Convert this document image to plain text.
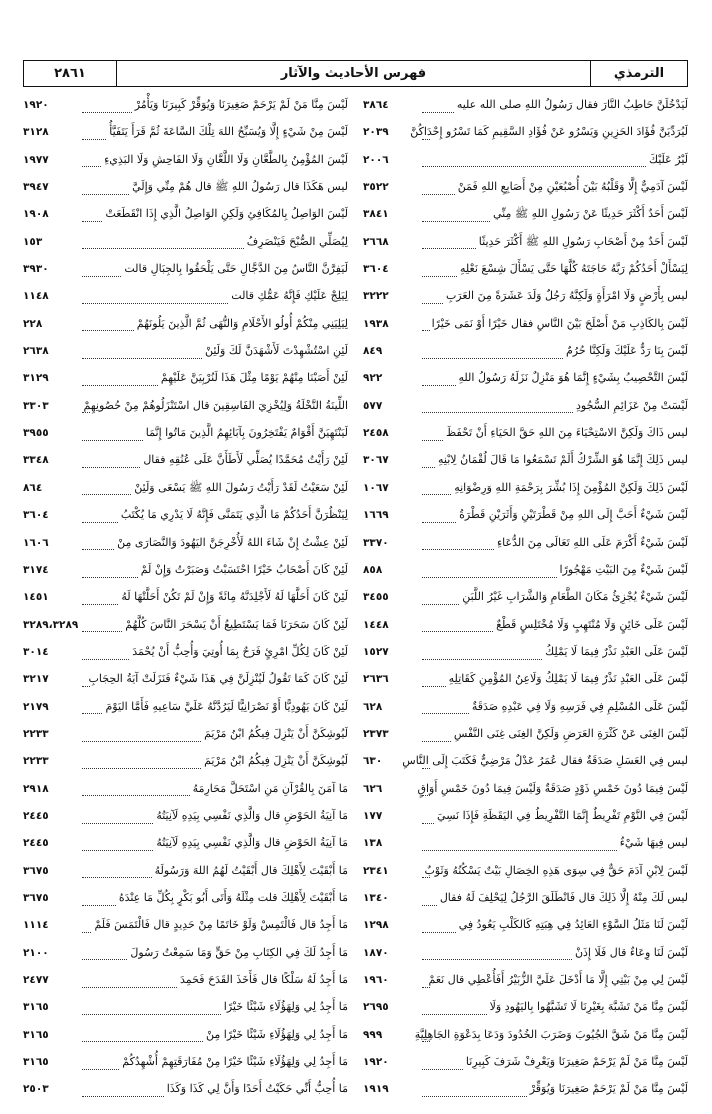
الترمذي
فهرس الأحاديث والآثار
٢٨٦١
لَيَدْخُلَنَّ حَاطِبُ النَّارَ فقال رَسُولُ اللهِ صلى الله عليه
٣٨٦٤
لَيُرَدِّيَنَّ فُؤَادَ الحَزِينِ وَيَسْرُو عَنْ فُؤَادِ السَّقِيمِ كَمَا تَسْرُو إِحْدَاكُنَّ
٢٠٣٩
لَيْرُ عَلَيْكَ
٢٠٠٦
لَيْسَ آدَمِيٌّ إِلَّا وَقَلْبُهُ بَيْنَ أُصْبُعَيْنِ مِنْ أَصَابِعِ اللهِ فَمَنْ
٣٥٢٢
لَيْسَ أَحَدٌ أَكْثَرَ حَدِيثًا عَنْ رَسُولِ اللهِ ﷺ مِنِّي
٣٨٤١
لَيْسَ أَحَدٌ مِنْ أَصْحَابِ رَسُولِ اللهِ ﷺ أَكْثَرَ حَدِيثًا
٢٦٦٨
لِيَسْأَلْ أَحَدُكُمْ رَبَّهُ حَاجَتَهُ كُلَّهَا حَتَّى يَسْأَلَ شِسْعَ نَعْلِهِ
٣٦٠٤
ليس بِأَرْضٍ وَلَا امْرَأَةٍ وَلَكِنَّهُ رَجُلٌ وَلَدَ عَشَرَةً مِنَ العَرَبِ
٣٢٢٢
لَيْسَ بِالكَاذِبِ مَنْ أَصْلَحَ بَيْنَ النَّاسِ فقال خَيْرًا أَوْ نَمَى خَيْرًا
١٩٣٨
لَيْسَ بِنَا رَدٌّ عَلَيْكَ وَلَكِنَّا حُرُمٌ
٨٤٩
لَيْسَ التَّحْصِيبُ بِشَيْءٍ إِنَّمَا هُوَ مَنْزِلٌ نَزَلَهُ رَسُولُ اللهِ
٩٢٢
لَيْسَتْ مِنْ عَزَائِمِ السُّجُودِ
٥٧٧
ليس ذَاكَ وَلَكِنَّ الاسْتِحْيَاءَ مِنَ اللهِ حَقَّ الحَيَاءِ أَنْ تَحْفَظَ
٢٤٥٨
ليس ذَلِكَ إِنَّمَا هُوَ الشِّرْكُ أَلَمْ تَسْمَعُوا مَا قَالَ لُقْمَانُ لِابْنِهِ
٣٠٦٧
لَيْسَ ذَلِكَ وَلَكِنَّ المُؤْمِنَ إِذَا بُشِّرَ بِرَحْمَةِ اللهِ وَرِضْوَانِهِ
١٠٦٧
لَيْسَ شَيْءٌ أَحَبَّ إِلَى اللهِ مِنْ قَطْرَتَيْنِ وَأَثَرَيْنِ قَطْرَةُ
١٦٦٩
لَيْسَ شَيْءٌ أَكْرَمَ عَلَى اللهِ تَعَالَى مِنَ الدُّعَاءِ
٣٣٧٠
لَيْسَ شَيْءٌ مِنَ البَيْتِ مَهْجُورًا
٨٥٨
لَيْسَ شَيْءٌ يُجْزِئُ مَكَانَ الطَّعَامِ وَالشَّرَابِ غَيْرُ اللَّبَنِ
٣٤٥٥
لَيْسَ عَلَى خَائِنٍ وَلَا مُنْتَهِبٍ وَلَا مُخْتَلِسٍ قَطْعٌ
١٤٤٨
لَيْسَ عَلَى العَبْدِ نَذْرٌ فِيمَا لَا يَمْلِكُ
١٥٢٧
لَيْسَ عَلَى العَبْدِ نَذْرٌ فِيمَا لَا يَمْلِكُ وَلَاعِنُ المُؤْمِنِ كَقَاتِلِهِ
٢٦٣٦
لَيْسَ عَلَى المُسْلِمِ فِي فَرَسِهِ وَلَا فِي عَبْدِهِ صَدَقَةٌ
٦٢٨
لَيْسَ الغِنَى عَنْ كَثْرَةِ العَرَضِ وَلَكِنَّ الغِنَى غِنَى النَّفْسِ
٢٣٧٣
ليس فِي العَسَلِ صَدَقَةٌ فقال عُمَرُ عَدْلٌ مَرْضِيٌّ فَكَتَبَ إِلَى النَّاسِ
٦٣٠
لَيْسَ فِيمَا دُونَ خَمْسِ ذَوْدٍ صَدَقَةٌ وَلَيْسَ فِيمَا دُونَ خَمْسِ أَوَاقٍ
٦٢٦
لَيْسَ فِي النَّوْمِ تَفْرِيطٌ إِنَّمَا التَّفْرِيطُ فِي اليَقَظَةِ فَإِذَا نَسِيَ
١٧٧
ليس فِيهَا شَيْءٌ
١٣٨
لَيْسَ لِابْنِ آدَمَ حَقٌّ فِي سِوَى هَذِهِ الخِصَالِ بَيْتٌ يَسْكُنُهُ وَثَوْبٌ
٢٣٤١
ليس لَكَ مِنْهُ إِلَّا ذَلِكَ قال فَانْطَلَقَ الرَّجُلُ لِيَحْلِفَ لَهُ فقال
١٣٤٠
لَيْسَ لَنَا مَثَلُ السَّوْءِ العَائِدُ فِي هِبَتِهِ كَالكَلْبِ يَعُودُ فِي
١٢٩٨
لَيْسَ لَنَا وِعَاءٌ قال فَلَا إِذَنْ
١٨٧٠
لَيْسَ لِي مِنْ بَيْتِي إِلَّا مَا أَدْخَلَ عَلَيَّ الزُّبَيْرُ أَفَأُعْطِي قال نَعَمْ
١٩٦٠
لَيْسَ مِنَّا مَنْ تَشَبَّهَ بِغَيْرِنَا لَا تَشَبَّهُوا بِاليَهُودِ وَلَا
٢٦٩٥
لَيْسَ مِنَّا مَنْ شَقَّ الجُيُوبَ وَضَرَبَ الخُدُودَ وَدَعَا بِدَعْوَةِ الجَاهِلِيَّةِ
٩٩٩
لَيْسَ مِنَّا مَنْ لَمْ يَرْحَمْ صَغِيرَنَا وَيَعْرِفْ شَرَفَ كَبِيرِنَا
١٩٢٠
لَيْسَ مِنَّا مَنْ لَمْ يَرْحَمْ صَغِيرَنَا وَيُوَقِّرْ
١٩١٩
لَيْسَ مِنَّا مَنْ لَمْ يَرْحَمْ صَغِيرَنَا وَيُوَقِّرْ كَبِيرَنَا وَيَأْمُرْ
١٩٢٠
لَيْسَ مِنْ شَيْءٍ إِلَّا وَيُسَبِّحُ اللهَ تِلْكَ السَّاعَةَ ثُمَّ قَرَأَ يَتَفَيَّأُ
٣١٢٨
لَيْسَ المُؤْمِنُ بِالطَّعَّانِ وَلَا اللَّعَّانِ وَلَا الفَاحِشِ وَلَا البَذِيءِ
١٩٧٧
ليس هَكَذَا قال رَسُولُ اللهِ ﷺ قال هُمْ مِنِّي وَإِلَيَّ
٣٩٤٧
لَيْسَ الوَاصِلُ بِالمُكَافِئِ وَلَكِنِ الوَاصِلُ الَّذِي إِذَا انْقَطَعَتْ
١٩٠٨
لِيُصَلِّي الصُّبْحَ فَيَنْصَرِفُ
١٥٣
لَيَفِرَّنَّ النَّاسُ مِنَ الدَّجَّالِ حَتَّى يَلْحَقُوا بِالجِبَالِ قالت
٣٩٣٠
لِيَلِجْ عَلَيْكِ فَإِنَّهُ عَمُّكِ قالت
١١٤٨
لِيَلِيَنِي مِنْكُمْ أُولُو الأَحْلَامِ وَالنُّهَى ثُمَّ الَّذِينَ يَلُونَهُمْ
٢٢٨
لَئِنِ اسْتُشْهِدْتَ لَأَشْهَدَنَّ لَكَ وَلَئِنْ
٢٦٣٨
لَئِنْ أَصَبْنَا مِنْهُمْ يَوْمًا مِثْلَ هَذَا لَنُرْبِيَنَّ عَلَيْهِمْ
٣١٢٩
اللِّينَةُ النَّخْلَةُ وَلِيُخْزِيَ الفَاسِقِينَ قال اسْتَنْزَلُوهُمْ مِنْ حُصُونِهِمْ
٣٣٠٣
لَيَنْتَهِيَنَّ أَقْوَامٌ يَفْتَخِرُونَ بِآبَائِهِمُ الَّذِينَ مَاتُوا إِنَّمَا
٣٩٥٥
لَئِنْ رَأَيْتُ مُحَمَّدًا يُصَلِّي لَأَطَأَنَّ عَلَى عُنُقِهِ فقال
٣٣٤٨
لَئِنْ سَعَيْتُ لَقَدْ رَأَيْتُ رَسُولَ اللهِ ﷺ يَسْعَى وَلَئِنْ
٨٦٤
لِيَنْظُرَنَّ أَحَدُكُمْ مَا الَّذِي يَتَمَنَّى فَإِنَّهُ لَا يَدْرِي مَا يُكْتَبُ
٣٦٠٤
لَئِنْ عِشْتُ إِنْ شَاءَ اللهُ لَأُخْرِجَنَّ اليَهُودَ وَالنَّصَارَى مِنْ
١٦٠٦
لَئِنْ كَانَ أَصْحَابُ خَيْرًا احْتَسَبْتُ وَصَبَرْتُ وَإِنْ لَمْ
٣١٧٤
لَئِنْ كَانَ أَحَلَّهَا لَهُ لَأَجْلِدَنَّهُ مِائَةً وَإِنْ لَمْ تَكُنْ أَحَلَّتْهَا لَهُ
١٤٥١
لَئِنْ كَانَ سَحَرَنَا فَمَا يَسْتَطِيعُ أَنْ يَسْحَرَ النَّاسَ كُلَّهُمْ
٣٢٨٩،٣٢٨٩
لَئِنْ كَانَ لِكُلِّ امْرِئٍ فَرَحٌ بِمَا أُوتِيَ وَأُحِبُّ أَنْ يُحْمَدَ
٣٠١٤
لَئِنْ كَانَ كَمَا تَقُولُ لَيُنْزِلَنَّ فِي هَذَا شَيْءٌ فَنَزَلَتْ آيَةُ الحِجَابِ
٣٢١٧
لَئِنْ كَانَ يَهُودِيًّا أَوْ نَصْرَانِيًّا لَيَرُدَّنَّهُ عَلَيَّ سَاعِيهِ فَأَمَّا اليَوْمَ
٢١٧٩
لَيُوشِكَنَّ أَنْ يَنْزِلَ فِيكُمُ ابْنُ مَرْيَمَ
٢٢٣٣
لَيُوشِكَنَّ أَنْ يَنْزِلَ فِيكُمُ ابْنُ مَرْيَمَ
٢٢٣٣
مَا آمَنَ بِالقُرْآنِ مَنِ اسْتَحَلَّ مَحَارِمَهُ
٢٩١٨
مَا آنِيَةُ الحَوْضِ قال وَالَّذِي نَفْسِي بِيَدِهِ لَآنِيَتُهُ
٢٤٤٥
مَا آنِيَةُ الحَوْضِ قال وَالَّذِي نَفْسِي بِيَدِهِ لَآنِيَتُهُ
٢٤٤٥
مَا أَبْقَيْتَ لِأَهْلِكَ قال أَبْقَيْتُ لَهُمُ اللهَ وَرَسُولَهُ
٣٦٧٥
مَا أَبْقَيْتَ لِأَهْلِكَ قلت مِثْلَهُ وَأَتَى أَبُو بَكْرٍ بِكُلِّ مَا عِنْدَهُ
٣٦٧٥
مَا أَجِدُ قال فَالْتَمِسْ وَلَوْ خَاتَمًا مِنْ حَدِيدٍ قال فَالْتَمَسَ فَلَمْ
١١١٤
مَا أَجِدُ لَكَ فِي الكِتَابِ مِنْ حَقٍّ وَمَا سَمِعْتُ رَسُولَ
٢١٠٠
مَا أَجِدُ لَهُ سَلْكًا قال فَأَخَذَ القَدَحَ فَحَمِدَ
٢٤٧٧
مَا أَجِدُ لِي وَلِهَؤُلَاءِ شَيْئًا خَيْرًا
٣١٦٥
مَا أَجِدُ لِي وَلِهَؤُلَاءِ شَيْئًا خَيْرًا مِنْ
٣١٦٥
مَا أَجِدُ لِي وَلِهَؤُلَاءِ شَيْئًا خَيْرًا مِنْ مُفَارَقَتِهِمْ أُشْهِدُكُمْ
٣١٦٥
مَا أُحِبُّ أَنِّي حَكَيْتُ أَحَدًا وَأَنَّ لِي كَذَا وَكَذَا
٢٥٠٣
